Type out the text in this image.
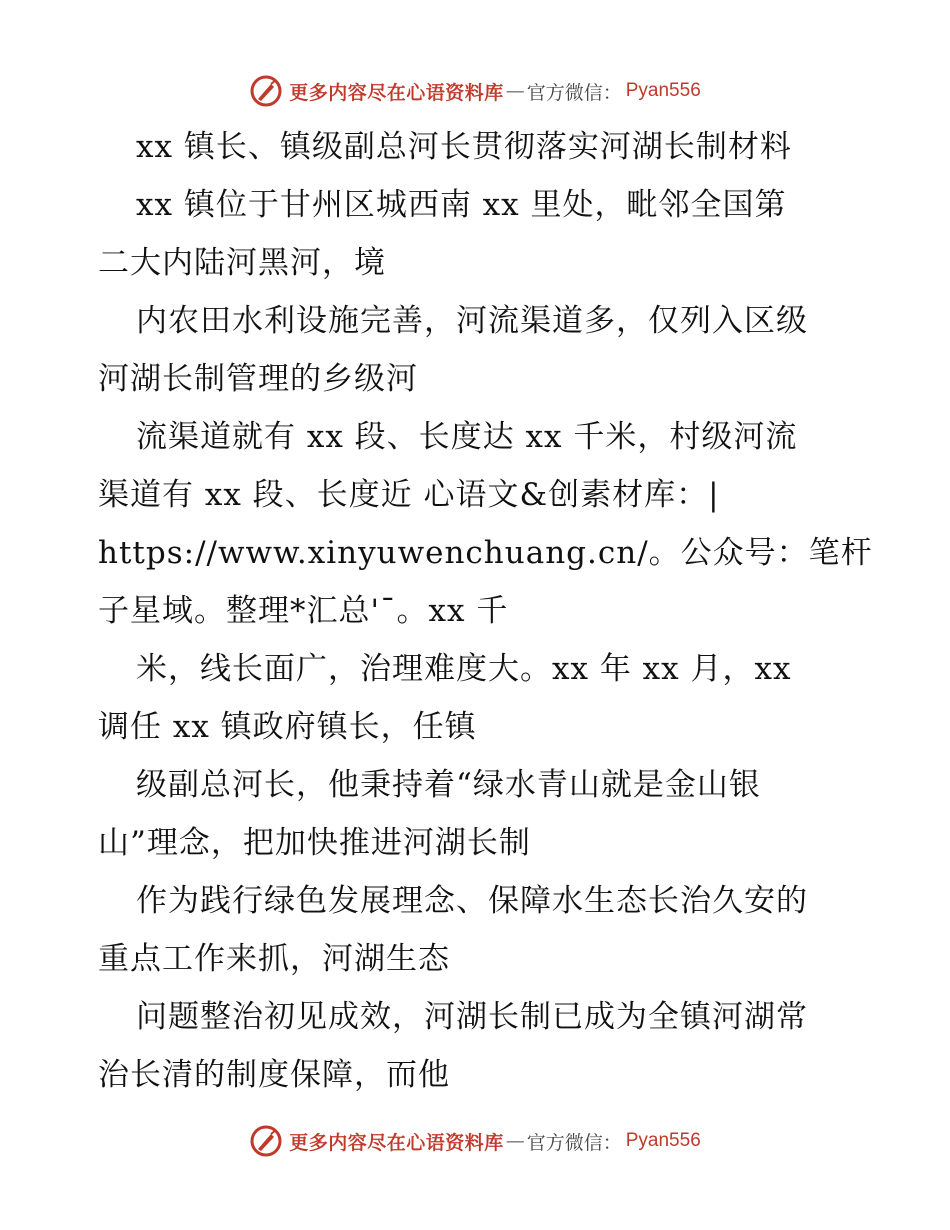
更多内容尽在心语资料库 — 官方微信： Pyan556
xx 镇长、镇级副总河长贯彻落实河湖长制材料
xx 镇位于甘州区城西南 xx 里处，毗邻全国第
二大内陆河黑河，境
内农田水利设施完善，河流渠道多，仅列入区级
河湖长制管理的乡级河
流渠道就有 xx 段、长度达 xx 千米，村级河流
渠道有 xx 段、长度近 心语文&创素材库：|
https://www.xinyuwenchuang.cn/。公众号：笔杆
子星域。整理*汇总'¯。xx 千
米，线长面广，治理难度大。xx 年 xx 月，xx
调任 xx 镇政府镇长，任镇
级副总河长，他秉持着“绿水青山就是金山银
山”理念，把加快推进河湖长制
作为践行绿色发展理念、保障水生态长治久安的
重点工作来抓，河湖生态
问题整治初见成效，河湖长制已成为全镇河湖常
治长清的制度保障，而他
更多内容尽在心语资料库 — 官方微信： Pyan556
